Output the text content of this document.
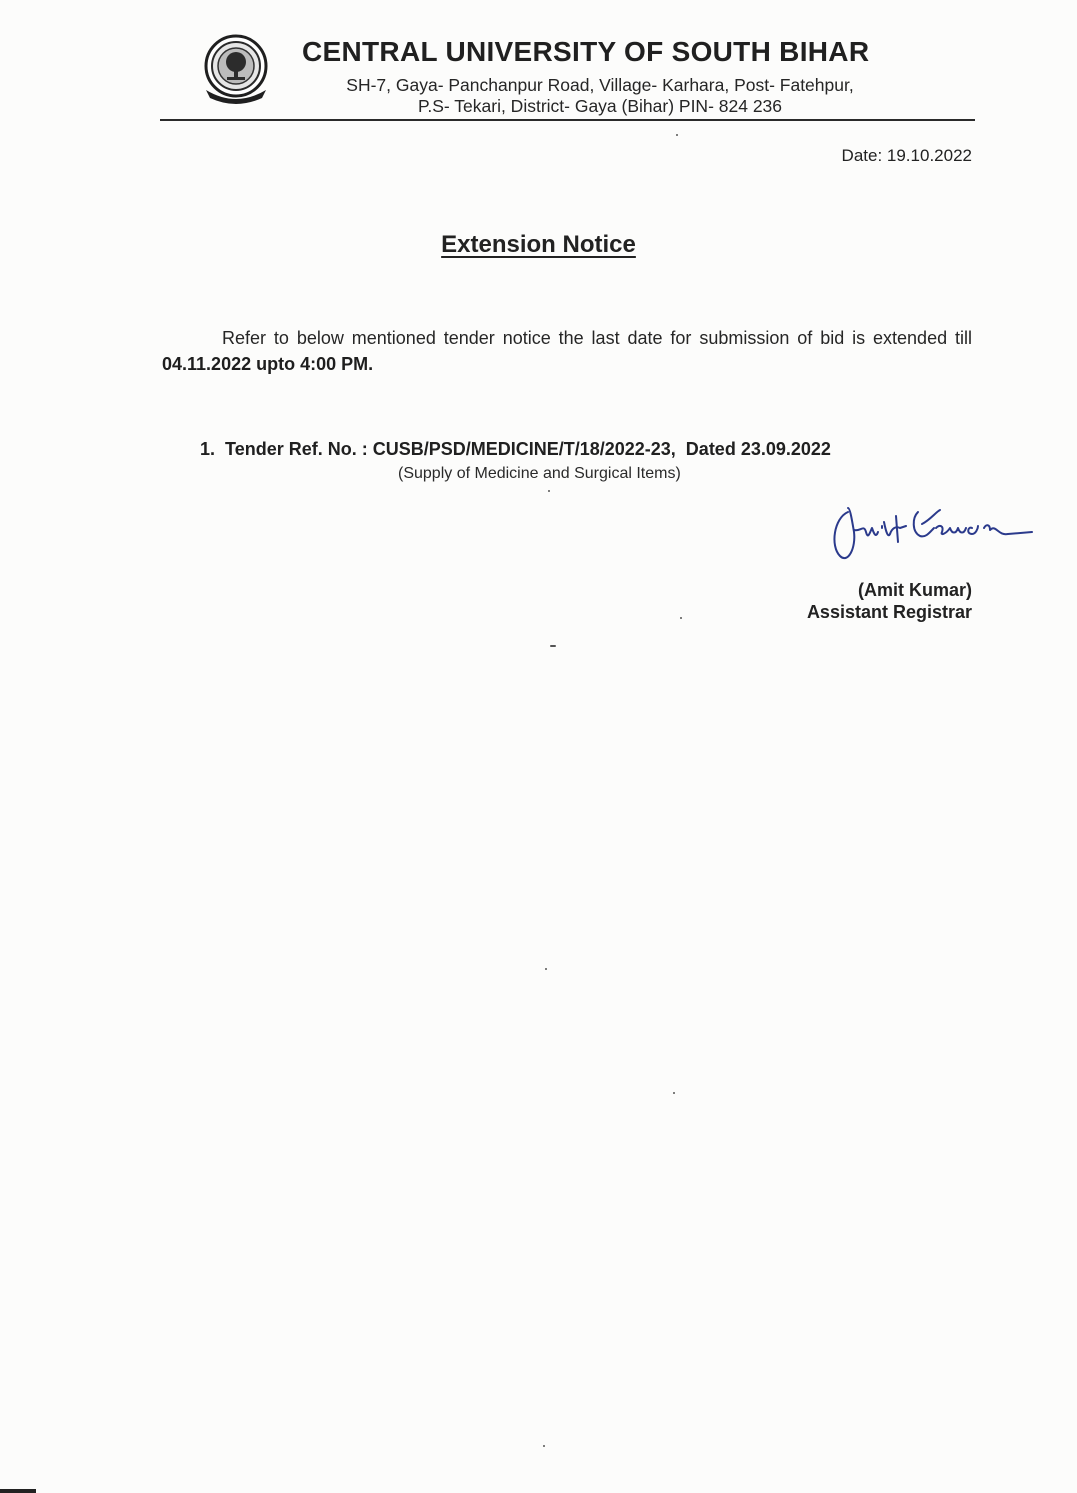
CENTRAL UNIVERSITY OF SOUTH BIHAR
SH-7, Gaya- Panchanpur Road, Village- Karhara, Post- Fatehpur,
P.S- Tekari, District- Gaya (Bihar) PIN- 824 236
Date: 19.10.2022
Extension Notice
Refer to below mentioned tender notice the last date for submission of bid is extended till 04.11.2022 upto 4:00 PM.
1. Tender Ref. No. : CUSB/PSD/MEDICINE/T/18/2022-23,  Dated 23.09.2022
(Supply of Medicine and Surgical Items)
(Amit Kumar)
Assistant Registrar
